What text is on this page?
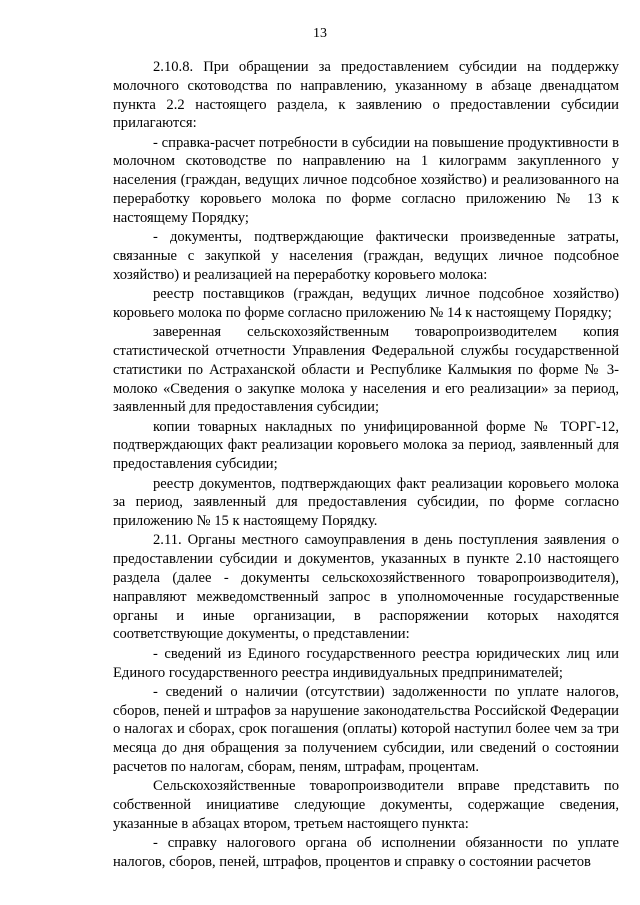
13

2.10.8. При обращении за предоставлением субсидии на поддержку молочного скотоводства по направлению, указанному в абзаце двенадцатом пункта 2.2 настоящего раздела, к заявлению о предоставлении субсидии прилагаются:

- справка-расчет потребности в субсидии на повышение продуктивности в молочном скотоводстве по направлению на 1 килограмм закупленного у населения (граждан, ведущих личное подсобное хозяйство) и реализованного на переработку коровьего молока по форме согласно приложению № 13 к настоящему Порядку;

- документы, подтверждающие фактически произведенные затраты, связанные с закупкой у населения (граждан, ведущих личное подсобное хозяйство) и реализацией на переработку коровьего молока:

реестр поставщиков (граждан, ведущих личное подсобное хозяйство) коровьего молока по форме согласно приложению № 14 к настоящему Порядку;

заверенная сельскохозяйственным товаропроизводителем копия статистической отчетности Управления Федеральной службы государственной статистики по Астраханской области и Республике Калмыкия по форме № 3-молоко «Сведения о закупке молока у населения и его реализации» за период, заявленный для предоставления субсидии;

копии товарных накладных по унифицированной форме № ТОРГ-12, подтверждающих факт реализации коровьего молока за период, заявленный для предоставления субсидии;

реестр документов, подтверждающих факт реализации коровьего молока за период, заявленный для предоставления субсидии, по форме согласно приложению № 15 к настоящему Порядку.

2.11. Органы местного самоуправления в день поступления заявления о предоставлении субсидии и документов, указанных в пункте 2.10 настоящего раздела (далее - документы сельскохозяйственного товаропроизводителя), направляют межведомственный запрос в уполномоченные государственные органы и иные организации, в распоряжении которых находятся соответствующие документы, о представлении:

- сведений из Единого государственного реестра юридических лиц или Единого государственного реестра индивидуальных предпринимателей;

- сведений о наличии (отсутствии) задолженности по уплате налогов, сборов, пеней и штрафов за нарушение законодательства Российской Федерации о налогах и сборах, срок погашения (оплаты) которой наступил более чем за три месяца до дня обращения за получением субсидии, или сведений о состоянии расчетов по налогам, сборам, пеням, штрафам, процентам.

Сельскохозяйственные товаропроизводители вправе представить по собственной инициативе следующие документы, содержащие сведения, указанные в абзацах втором, третьем настоящего пункта:

- справку налогового органа об исполнении обязанности по уплате налогов, сборов, пеней, штрафов, процентов и справку о состоянии расчетов
